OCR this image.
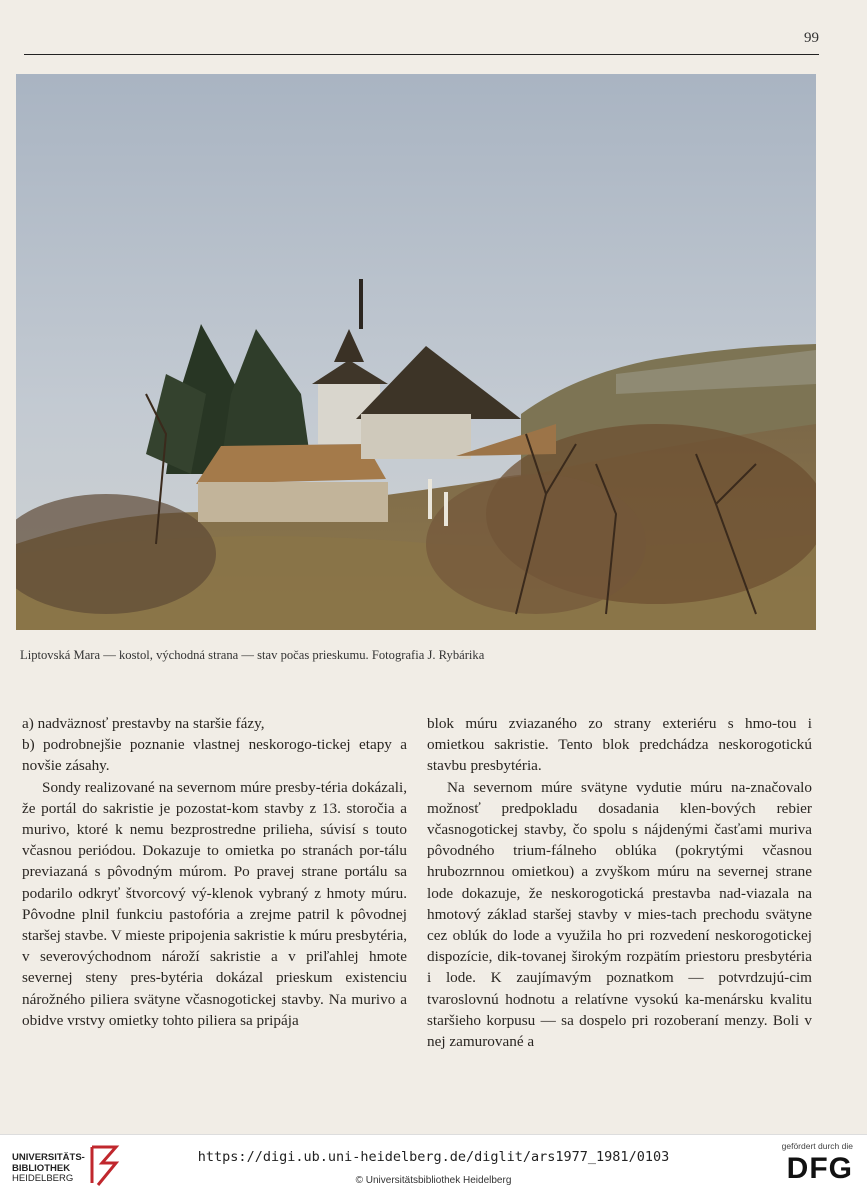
99
Liptovská Mara — kostol, východná strana — stav počas prieskumu. Fotografia J. Rybárika

a) nadväznosť prestavby na staršie fázy,

b) podrobnejšie poznanie vlastnej neskorogo-tickej etapy a novšie zásahy.

Sondy realizované na severnom múre presby-téria dokázali, že portál do sakristie je pozostat-kom stavby z 13. storočia a murivo, ktoré k nemu bezprostredne prilieha, súvisí s touto včasnou periódou. Dokazuje to omietka po stranách por-tálu previazaná s pôvodným múrom. Po pravej strane portálu sa podarilo odkryť štvorcový vý-klenok vybraný z hmoty múru. Pôvodne plnil funkciu pastofória a zrejme patril k pôvodnej staršej stavbe. V mieste pripojenia sakristie k múru presbytéria, v severovýchodnom nároží sakristie a v priľahlej hmote severnej steny pres-bytéria dokázal prieskum existenciu nárožného piliera svätyne včasnogotickej stavby. Na murivo a obidve vrstvy omietky tohto piliera sa pripája

blok múru zviazaného zo strany exteriéru s hmo-tou i omietkou sakristie. Tento blok predchádza neskorogotickú stavbu presbytéria.

Na severnom múre svätyne vydutie múru na-značovalo možnosť predpokladu dosadania klen-bových rebier včasnogotickej stavby, čo spolu s nájdenými časťami muriva pôvodného trium-fálneho oblúka (pokrytými včasnou hrubozrnnou omietkou) a zvyškom múru na severnej strane lode dokazuje, že neskorogotická prestavba nad-viazala na hmotový základ staršej stavby v mies-tach prechodu svätyne cez oblúk do lode a využila ho pri rozvedení neskorogotickej dispozície, dik-tovanej širokým rozpätím priestoru presbytéria i lode. K zaujímavým poznatkom — potvrdzujú-cim tvaroslovnú hodnotu a relatívne vysokú ka-menársku kvalitu staršieho korpusu — sa dospelo pri rozoberaní menzy. Boli v nej zamurované a

UNIVERSITÄTS-
BIBLIOTHEK
HEIDELBERG
https://digi.ub.uni-heidelberg.de/diglit/ars1977_1981/0103
© Universitätsbibliothek Heidelberg
gefördert durch die
DFG
